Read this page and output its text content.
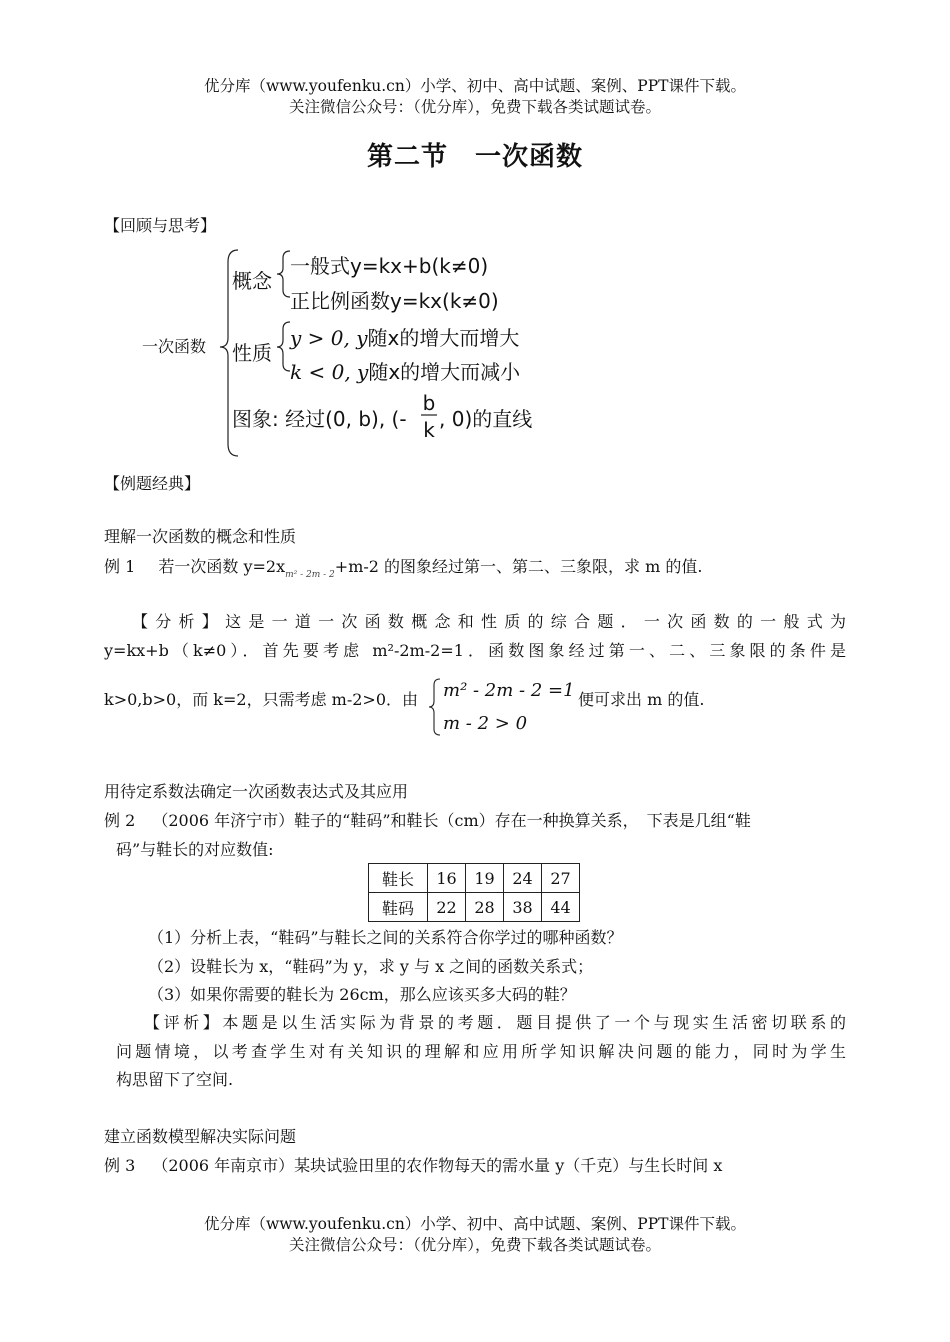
优分库（www.youfenku.cn）小学、初中、高中试题、案例、PPT课件下载。
关注微信公众号：（优分库），免费下载各类试题试卷。
第二节　一次函数
【回顾与思考】
一次函数
概念
一般式y=kx+b(k≠0)
正比例函数y=kx(k≠0)
性质
y > 0, y随x的增大而增大
k < 0, y随x的增大而减小
图象: 经过(0, b), (-
b
k , 0)的直线
【例题经典】
理解一次函数的概念和性质
例 1 若一次函数 $y=2x_{m^2 - 2m - 2}+m-2$ 的图象经过第一、第二、三象限，求 m 的值.
【分析】这是一道一次函数概念和性质的综合题．一次函数的一般式为
y=kx+b（k≠0）．首先要考虑 m²-2m-2=1．函数图象经过第一、二、三象限的条件是
k>0,b>0，而 k=2，只需考虑 m-2>0．由 m² - 2m - 2 =1
m - 2 > 0
便可求出 m 的值.
用待定系数法确定一次函数表达式及其应用
例 2 （2006 年济宁市）鞋子的“鞋码”和鞋长（cm）存在一种换算关系，　下表是几组“鞋
码”与鞋长的对应数值:
鞋长	16	19	24	27
鞋码	22	28	38	44
（1）分析上表，“鞋码”与鞋长之间的关系符合你学过的哪种函数？
（2）设鞋长为 x，“鞋码”为 y，求 y 与 x 之间的函数关系式；
（3）如果你需要的鞋长为 26cm，那么应该买多大码的鞋？
【评析】本题是以生活实际为背景的考题．题目提供了一个与现实生活密切联系的
问题情境，以考查学生对有关知识的理解和应用所学知识解决问题的能力，同时为学生
构思留下了空间.
建立函数模型解决实际问题
例 3 （2006 年南京市）某块试验田里的农作物每天的需水量 y（千克）与生长时间 x
优分库（www.youfenku.cn）小学、初中、高中试题、案例、PPT课件下载。
关注微信公众号：（优分库），免费下载各类试题试卷。
